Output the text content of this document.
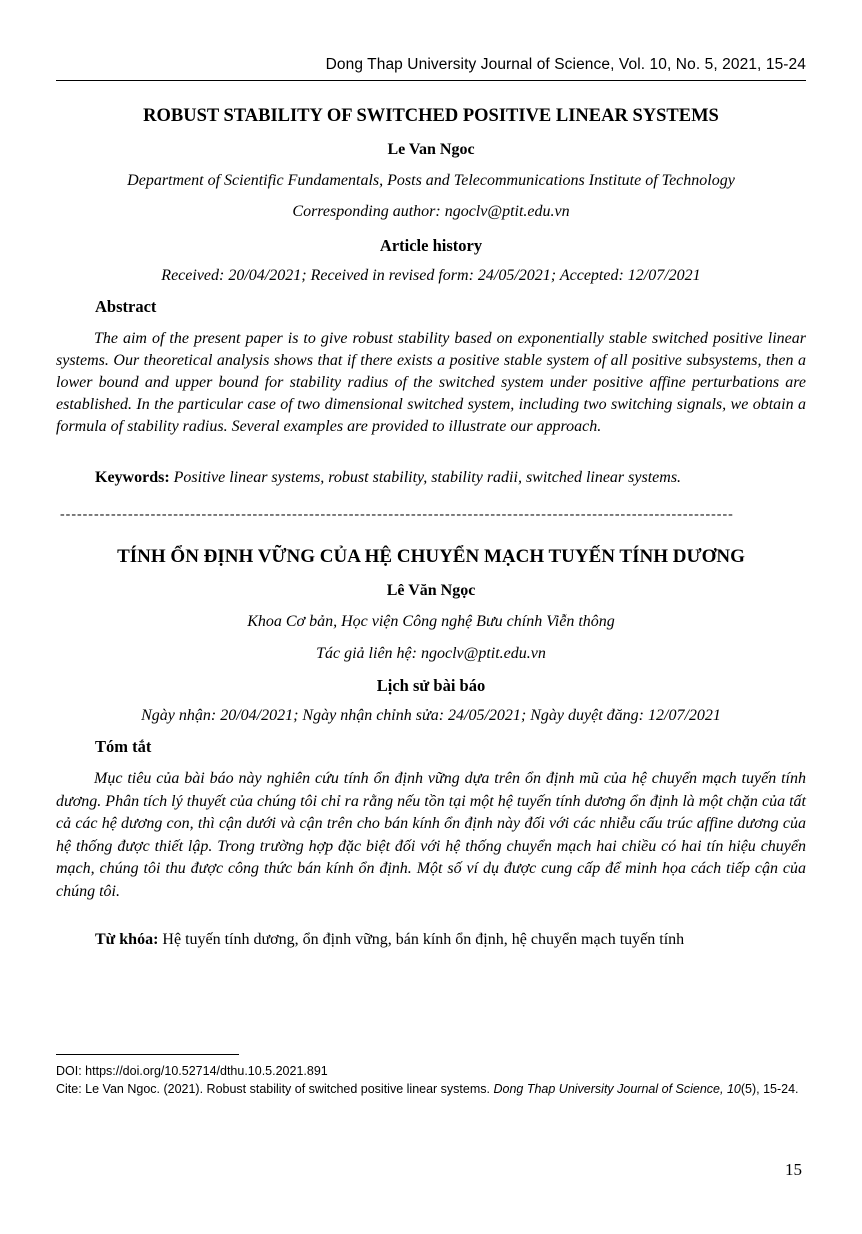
Dong Thap University Journal of Science, Vol. 10, No. 5, 2021, 15-24
ROBUST STABILITY OF SWITCHED POSITIVE LINEAR SYSTEMS
Le Van Ngoc
Department of Scientific Fundamentals, Posts and Telecommunications Institute of Technology
Corresponding author: ngoclv@ptit.edu.vn
Article history
Received: 20/04/2021; Received in revised form: 24/05/2021; Accepted: 12/07/2021
Abstract
The aim of the present paper is to give robust stability based on exponentially stable switched positive linear systems. Our theoretical analysis shows that if there exists a positive stable system of all positive subsystems, then a lower bound and upper bound for stability radius of the switched system under positive affine perturbations are established. In the particular case of two dimensional switched system, including two switching signals, we obtain a formula of stability radius. Several examples are provided to illustrate our approach.
Keywords: Positive linear systems, robust stability, stability radii, switched linear systems.
-----------------------------------------------------------------------------------------------------------------------
TÍNH ỔN ĐỊNH VỮNG CỦA HỆ CHUYỂN MẠCH TUYẾN TÍNH DƯƠNG
Lê Văn Ngọc
Khoa Cơ bản, Học viện Công nghệ Bưu chính Viễn thông
Tác giả liên hệ: ngoclv@ptit.edu.vn
Lịch sử bài báo
Ngày nhận: 20/04/2021; Ngày nhận chỉnh sửa: 24/05/2021; Ngày duyệt đăng: 12/07/2021
Tóm tắt
Mục tiêu của bài báo này nghiên cứu tính ổn định vững dựa trên ổn định mũ của hệ chuyển mạch tuyến tính dương. Phân tích lý thuyết của chúng tôi chỉ ra rằng nếu tồn tại một hệ tuyến tính dương ổn định là một chặn của tất cả các hệ dương con, thì cận dưới và cận trên cho bán kính ổn định này đối với các nhiễu cấu trúc affine dương của hệ thống được thiết lập. Trong trường hợp đặc biệt đối với hệ thống chuyển mạch hai chiều có hai tín hiệu chuyển mạch, chúng tôi thu được công thức bán kính ổn định. Một số ví dụ được cung cấp để minh họa cách tiếp cận của chúng tôi.
Từ khóa: Hệ tuyến tính dương, ổn định vững, bán kính ổn định, hệ chuyển mạch tuyến tính
DOI: https://doi.org/10.52714/dthu.10.5.2021.891
Cite: Le Van Ngoc. (2021). Robust stability of switched positive linear systems. Dong Thap University Journal of Science, 10(5), 15-24.
15
